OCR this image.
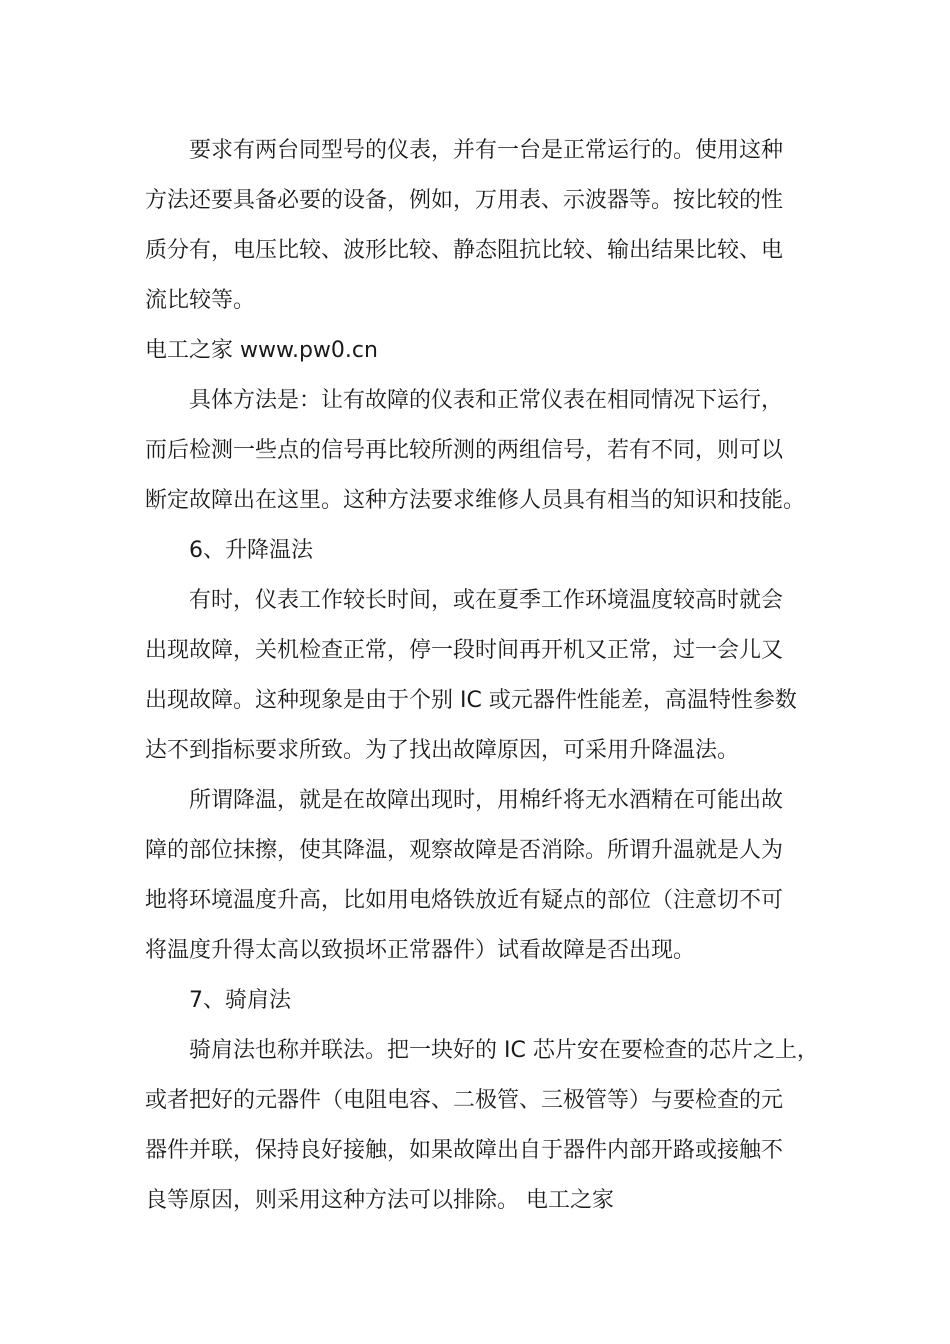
要求有两台同型号的仪表，并有一台是正常运行的。使用这种
方法还要具备必要的设备，例如，万用表、示波器等。按比较的性
质分有，电压比较、波形比较、静态阻抗比较、输出结果比较、电
流比较等。
电工之家 www.pw0.cn
具体方法是：让有故障的仪表和正常仪表在相同情况下运行，
而后检测一些点的信号再比较所测的两组信号，若有不同，则可以
断定故障出在这里。这种方法要求维修人员具有相当的知识和技能。
6、升降温法
有时，仪表工作较长时间，或在夏季工作环境温度较高时就会
出现故障，关机检查正常，停一段时间再开机又正常，过一会儿又
出现故障。这种现象是由于个别 IC 或元器件性能差，高温特性参数
达不到指标要求所致。为了找出故障原因，可采用升降温法。
所谓降温，就是在故障出现时，用棉纤将无水酒精在可能出故
障的部位抹擦，使其降温，观察故障是否消除。所谓升温就是人为
地将环境温度升高，比如用电烙铁放近有疑点的部位（注意切不可
将温度升得太高以致损坏正常器件）试看故障是否出现。
7、骑肩法
骑肩法也称并联法。把一块好的 IC 芯片安在要检查的芯片之上，
或者把好的元器件（电阻电容、二极管、三极管等）与要检查的元
器件并联，保持良好接触，如果故障出自于器件内部开路或接触不
良等原因，则采用这种方法可以排除。 电工之家
